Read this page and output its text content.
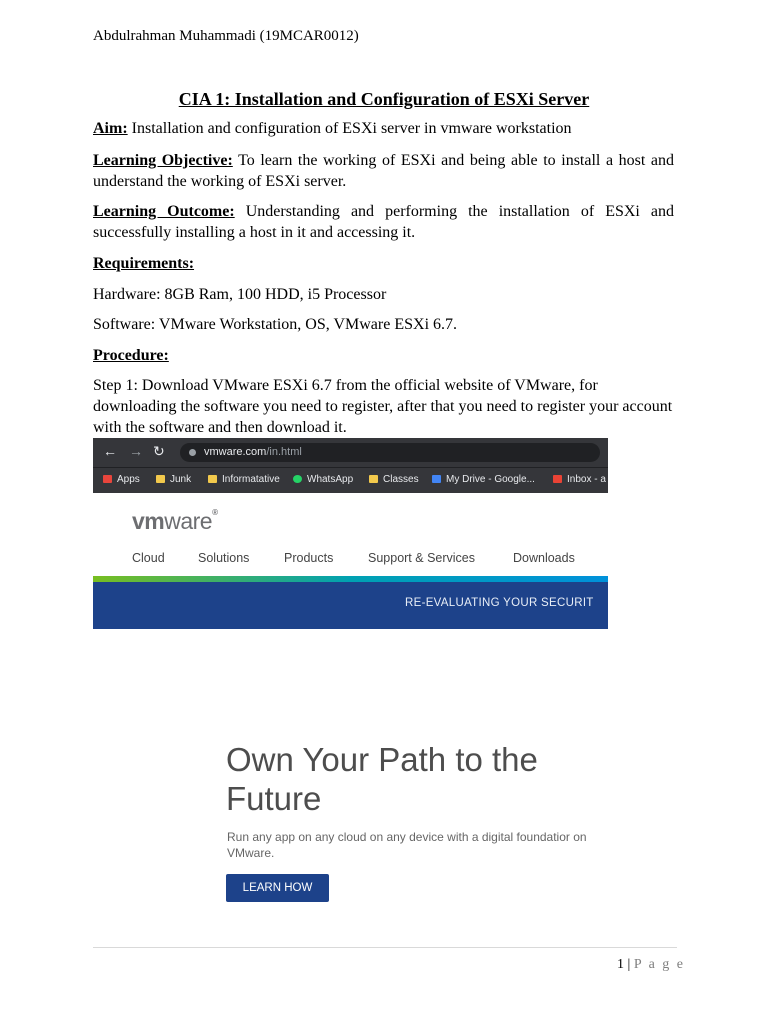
Abdulrahman Muhammadi (19MCAR0012)
CIA 1: Installation and Configuration of ESXi Server
Aim: Installation and configuration of ESXi server in vmware workstation
Learning Objective: To learn the working of ESXi and being able to install a host and understand the working of ESXi server.
Learning Outcome: Understanding and performing the installation of ESXi and successfully installing a host in it and accessing it.
Requirements:
Hardware: 8GB Ram, 100 HDD, i5 Processor
Software: VMware Workstation, OS, VMware ESXi 6.7.
Procedure:
Step 1: Download VMware ESXi 6.7 from the official website of VMware, for downloading the software you need to register, after that you need to register your account with the software and then download it.
← → ↻	vmware.com/in.html
Apps	Junk	Informatative	WhatsApp	Classes	My Drive - Google...	Inbox - a
vmware®
Cloud	Solutions	Products	Support & Services	Downloads
RE-EVALUATING YOUR SECURIT
Own Your Path to the Future
Run any app on any cloud on any device with a digital foundatior on VMware.
LEARN HOW
1 | P a g e
